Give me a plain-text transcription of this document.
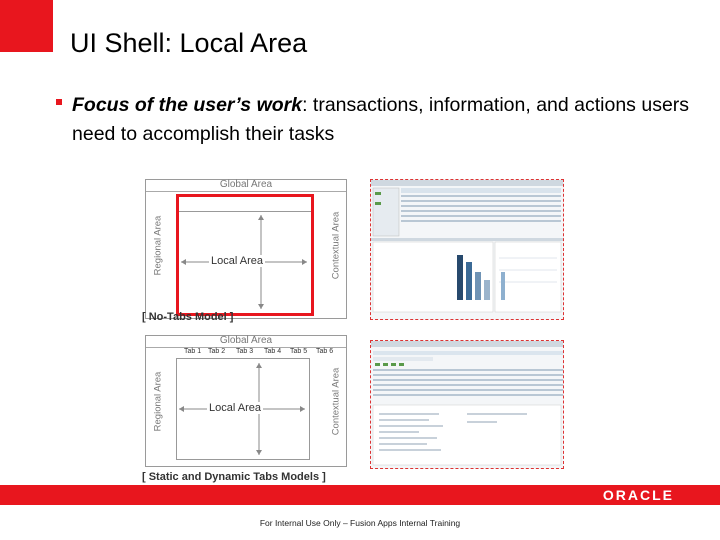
UI Shell: Local Area
Focus of the user’s work: transactions, information, and actions users need to accomplish their tasks
Global Area
Local Area
Regional Area	Contextual Area
[ No-Tabs Model ]
Global Area
Tab 1 Tab 2 Tab 3 Tab 4 Tab 5 Tab 6
Local Area
Regional Area	Contextual Area
[ Static and Dynamic Tabs Models ]
ORACLE
For Internal Use Only – Fusion Apps Internal Training
